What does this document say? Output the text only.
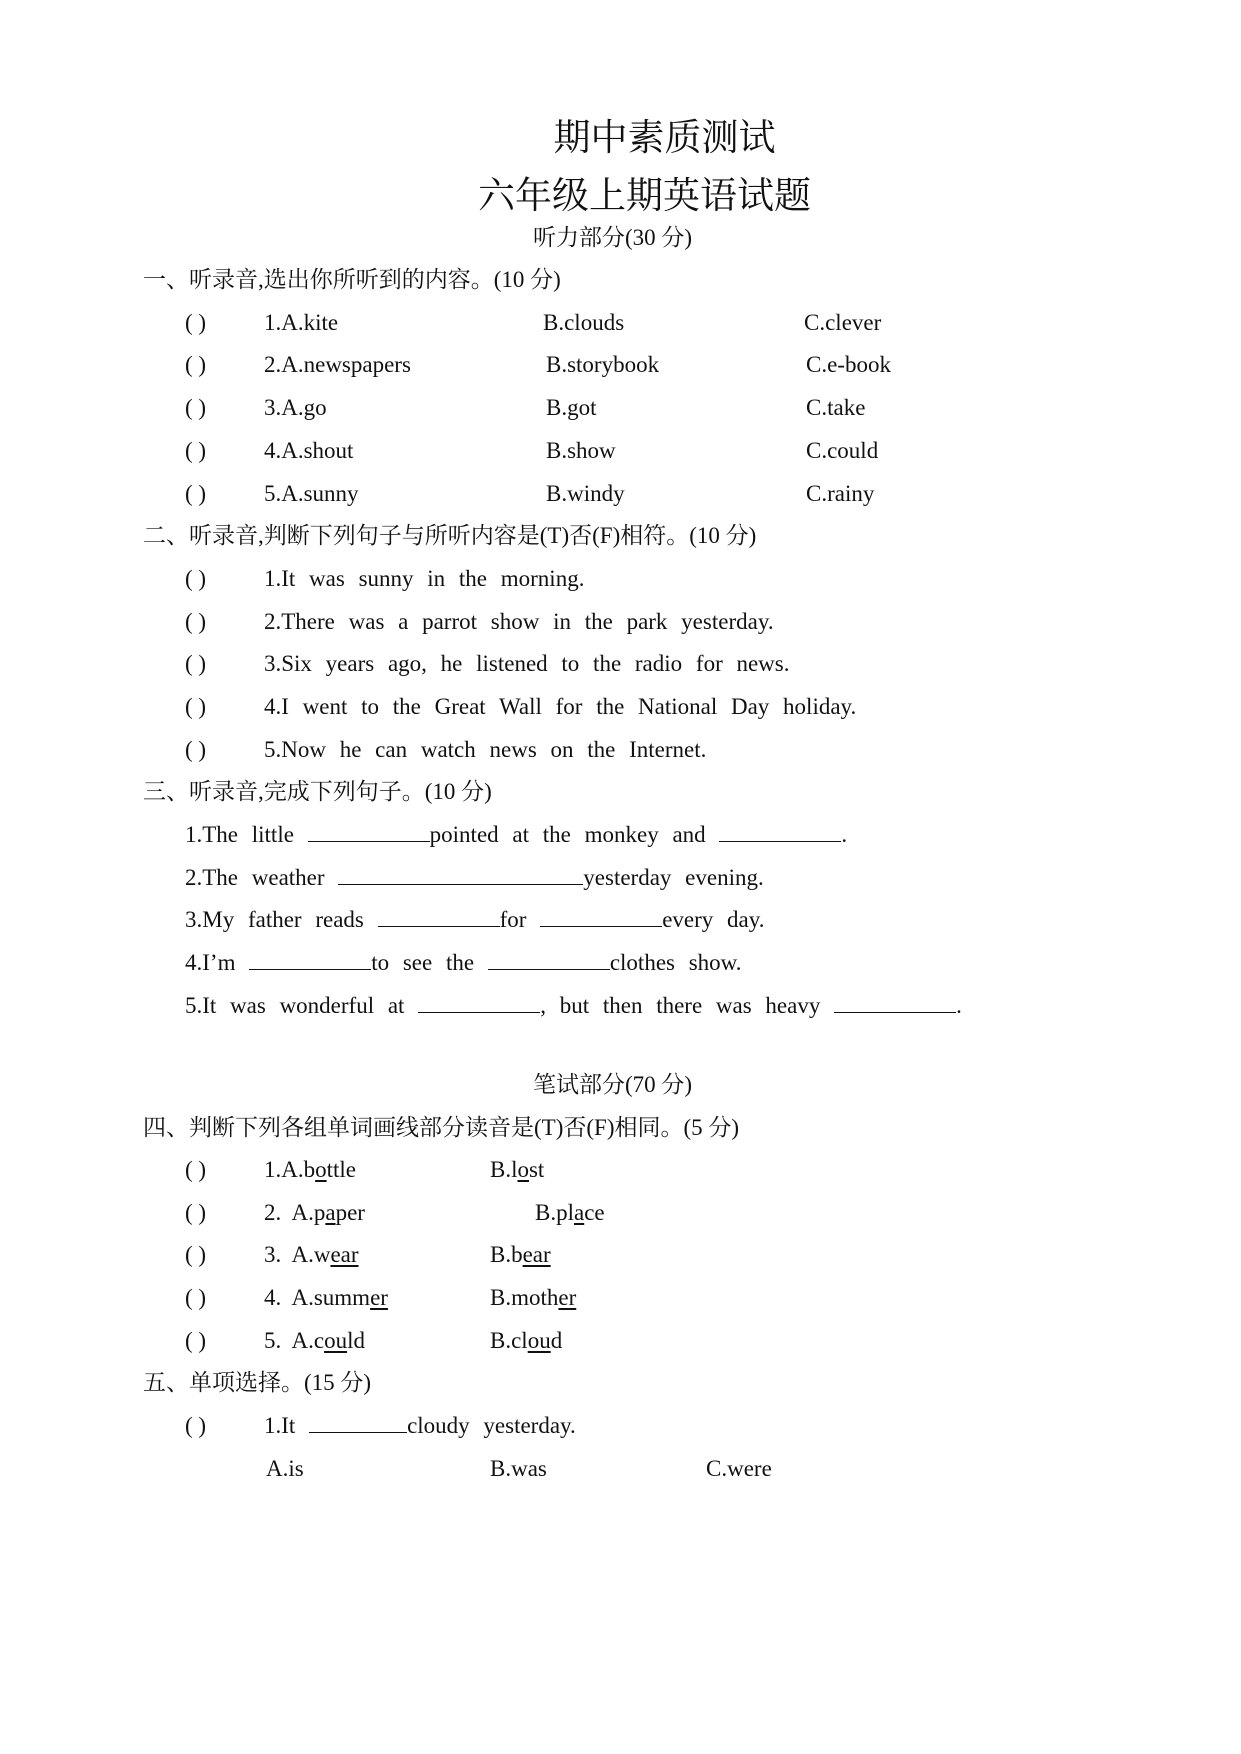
期中素质测试
六年级上期英语试题
听力部分(30 分)
一、听录音,选出你所听到的内容。(10 分)
( )	1.A.kite	B.clouds	C.clever
( )	2.A.newspapers	B.storybook	C.e-book
( )	3.A.go	B.got	C.take
( )	4.A.shout	B.show	C.could
( )	5.A.sunny	B.windy	C.rainy
二、听录音,判断下列句子与所听内容是(T)否(F)相符。(10 分)
( )	1.It was sunny in the morning.
( )	2.There was a parrot show in the park yesterday.
( )	3.Six years ago, he listened to the radio for news.
( )	4.I went to the Great Wall for the National Day holiday.
( )	5.Now he can watch news on the Internet.
三、听录音,完成下列句子。(10 分)
1.The little	pointed at the monkey and	.
2.The weather	yesterday evening.
3.My father reads	for	every day.
4.I’m	to see the	clothes show.
5.It was wonderful at	, but then there was heavy	.
笔试部分(70 分)
四、判断下列各组单词画线部分读音是(T)否(F)相同。(5 分)
( )	1.A.bottle	B.lost
( )	2.  A.paper	B.place
( )	3.  A.wear	B.bear
( )	4.  A.summer	B.mother
( )	5.  A.could	B.cloud
五、单项选择。(15 分)
( )	1.It	cloudy yesterday.
A.is	B.was	C.were
